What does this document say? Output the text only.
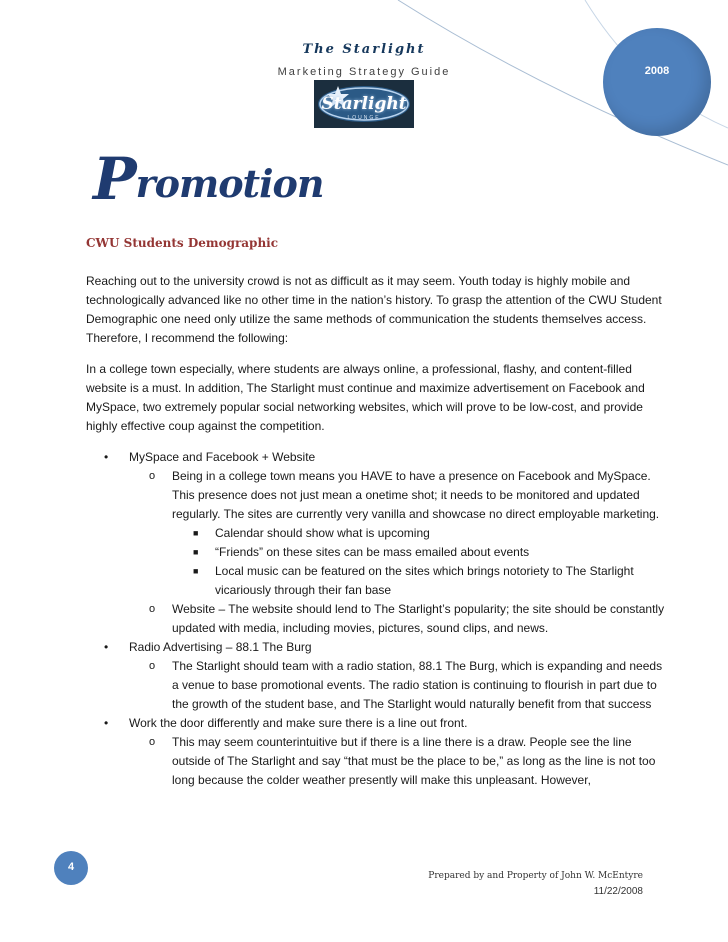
The Starlight
Marketing Strategy Guide	2008
Starlight
LOUNGE
Promotion
CWU Students Demographic

Reaching out to the university crowd is not as difficult as it may seem. Youth today is highly mobile and technologically advanced like no other time in the nation’s history. To grasp the attention of the CWU Student Demographic one need only utilize the same methods of communication the students themselves access. Therefore, I recommend the following:

In a college town especially, where students are always online, a professional, flashy, and content-filled website is a must. In addition, The Starlight must continue and maximize advertisement on Facebook and MySpace, two extremely popular social networking websites, which will prove to be low-cost, and provide highly effective coup against the competition.

• MySpace and Facebook + Website
o Being in a college town means you HAVE to have a presence on Facebook and MySpace. This presence does not just mean a onetime shot; it needs to be monitored and updated regularly. The sites are currently very vanilla and showcase no direct employable marketing.
■ Calendar should show what is upcoming
■ “Friends” on these sites can be mass emailed about events
■ Local music can be featured on the sites which brings notoriety to The Starlight vicariously through their fan base
o Website – The website should lend to The Starlight’s popularity; the site should be constantly updated with media, including movies, pictures, sound clips, and news.
• Radio Advertising – 88.1 The Burg
o The Starlight should team with a radio station, 88.1 The Burg, which is expanding and needs a venue to base promotional events. The radio station is continuing to flourish in part due to the growth of the student base, and The Starlight would naturally benefit from that success
• Work the door differently and make sure there is a line out front.
o This may seem counterintuitive but if there is a line there is a draw. People see the line outside of The Starlight and say “that must be the place to be,” as long as the line is not too long because the colder weather presently will make this unpleasant. However,
4
Prepared by and Property of John W. McEntyre
11/22/2008
